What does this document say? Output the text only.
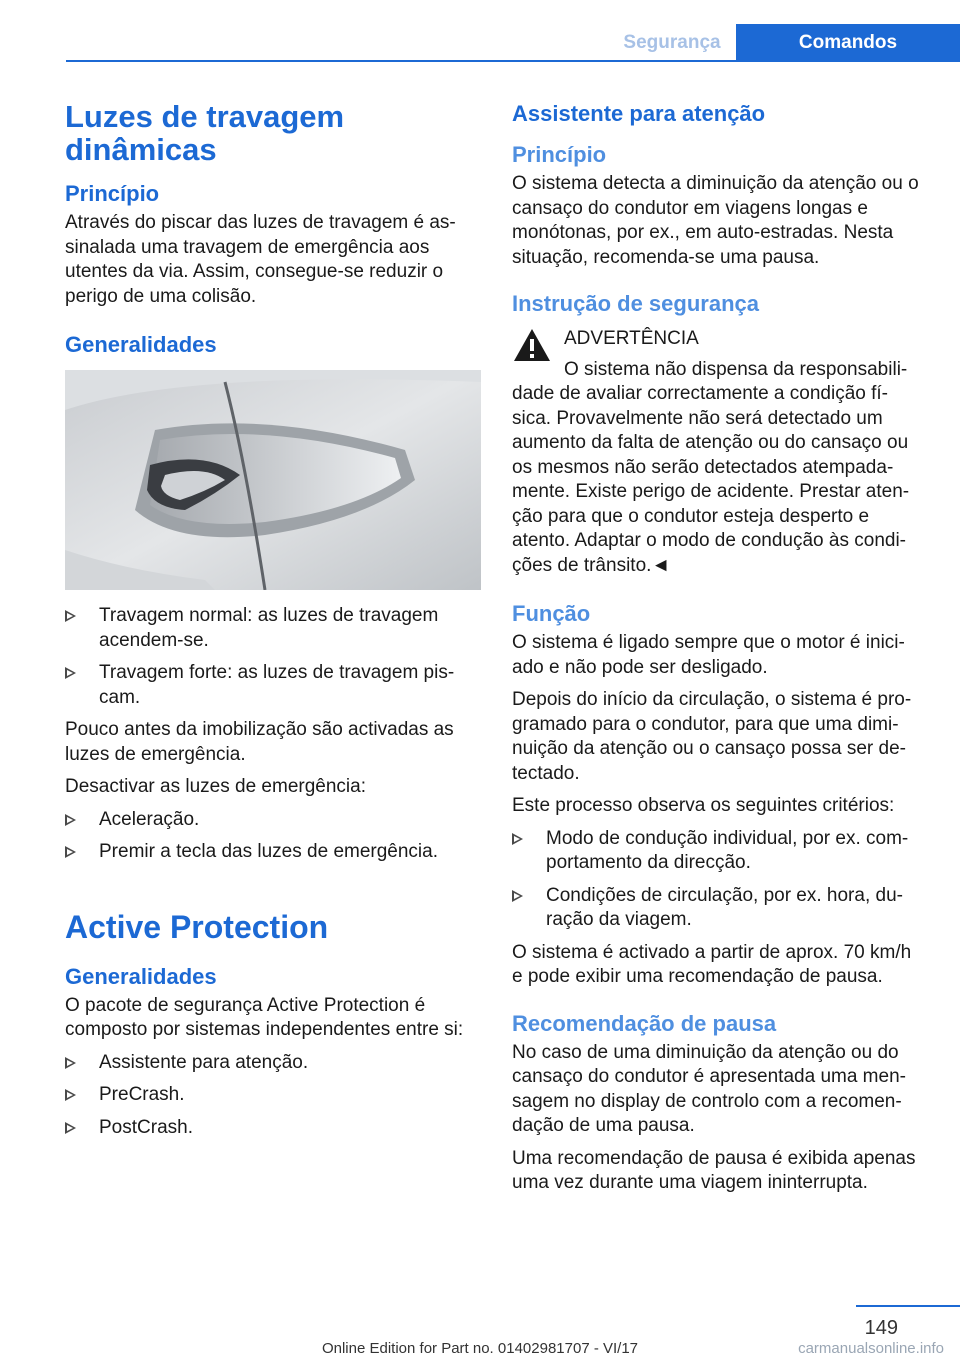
Segurança	Comandos
Luzes de travagem dinâmicas
Princípio

Através do piscar das luzes de travagem é as-sinalada uma travagem de emergência aos utentes da via. Assim, consegue-se reduzir o perigo de uma colisão.

Generalidades
Travagem normal: as luzes de travagem acendem-se.
Travagem forte: as luzes de travagem pis-cam.

Pouco antes da imobilização são activadas as luzes de emergência.

Desactivar as luzes de emergência:

Aceleração.
Premir a tecla das luzes de emergência.
Active Protection
Generalidades

O pacote de segurança Active Protection é composto por sistemas independentes entre si:

Assistente para atenção.
PreCrash.
PostCrash.
Assistente para atenção
Princípio

O sistema detecta a diminuição da atenção ou o cansaço do condutor em viagens longas e monótonas, por ex., em auto-estradas. Nesta situação, recomenda-se uma pausa.

Instrução de segurança

ADVERTÊNCIA

O sistema não dispensa da responsabili-dade de avaliar correctamente a condição fí-sica. Provavelmente não será detectado um aumento da falta de atenção ou do cansaço ou os mesmos não serão detectados atempada-mente. Existe perigo de acidente. Prestar aten-ção para que o condutor esteja desperto e atento. Adaptar o modo de condução às condi-ções de trânsito.◄

Função

O sistema é ligado sempre que o motor é inici-ado e não pode ser desligado.

Depois do início da circulação, o sistema é pro-gramado para o condutor, para que uma dimi-nuição da atenção ou o cansaço possa ser de-tectado.

Este processo observa os seguintes critérios:

Modo de condução individual, por ex. com-portamento da direcção.
Condições de circulação, por ex. hora, du-ração da viagem.

O sistema é activado a partir de aprox. 70 km/h e pode exibir uma recomendação de pausa.

Recomendação de pausa

No caso de uma diminuição da atenção ou do cansaço do condutor é apresentada uma men-sagem no display de controlo com a recomen-dação de uma pausa.

Uma recomendação de pausa é exibida apenas uma vez durante uma viagem ininterrupta.

149
Online Edition for Part no. 01402981707 - VI/17	carmanualsonline.info
